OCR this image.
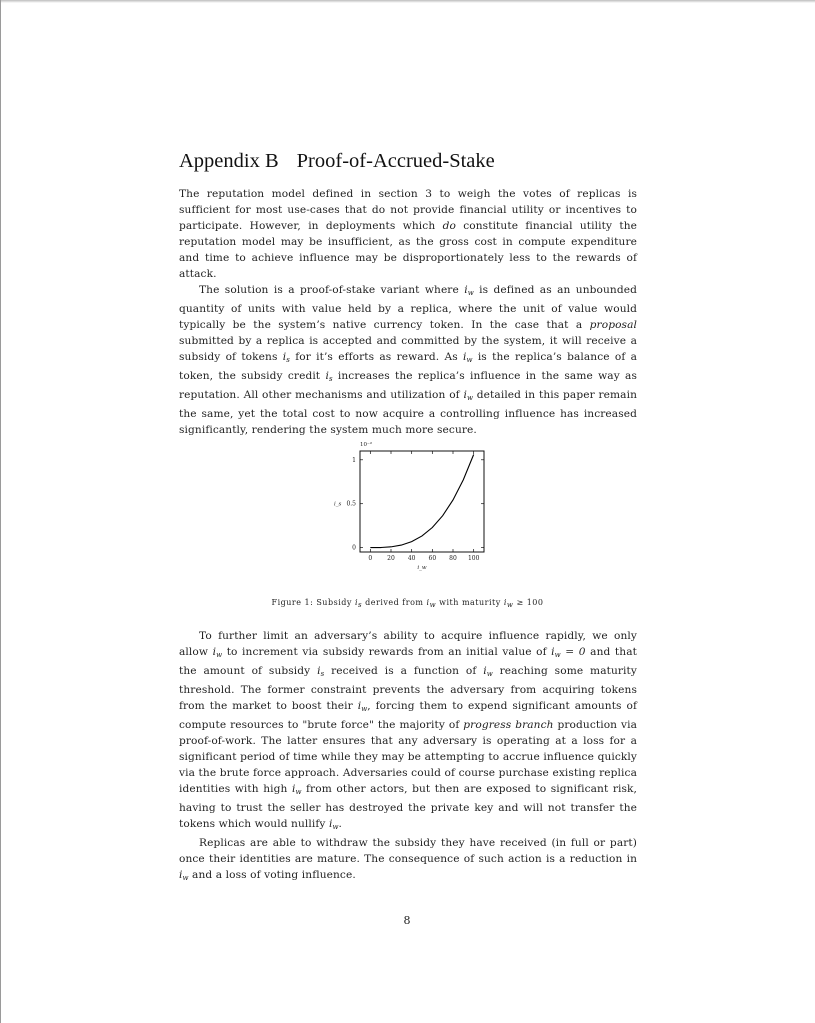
Appendix B Proof-of-Accrued-Stake

The reputation model defined in section 3 to weigh the votes of replicas is sufficient for most use-cases that do not provide financial utility or incentives to participate. However, in deployments which do constitute financial utility the reputation model may be insufficient, as the gross cost in compute expenditure and time to achieve influence may be disproportionately less to the rewards of attack.

The solution is a proof-of-stake variant where $i_w$ is defined as an unbounded quantity of units with value held by a replica, where the unit of value would typically be the system’s native currency token. In the case that a proposal submitted by a replica is accepted and committed by the system, it will receive a subsidy of tokens $i_s$ for it’s efforts as reward. As $i_w$ is the replica’s balance of a token, the subsidy credit $i_s$ increases the replica’s influence in the same way as reputation. All other mechanisms and utilization of $i_w$ detailed in this paper remain the same, yet the total cost to now acquire a controlling influence has increased significantly, rendering the system much more secure.

0 20 40 60 80 100
0
0.5
1
10⁻²
i_w
i_s
Figure 1: Subsidy $i_s$ derived from $i_w$ with maturity $i_w \ge 100$

To further limit an adversary’s ability to acquire influence rapidly, we only allow $i_w$ to increment via subsidy rewards from an initial value of $i_w = 0$ and that the amount of subsidy $i_s$ received is a function of $i_w$ reaching some maturity threshold. The former constraint prevents the adversary from acquiring tokens from the market to boost their $i_w$, forcing them to expend significant amounts of compute resources to "brute force" the majority of progress branch production via proof-of-work. The latter ensures that any adversary is operating at a loss for a significant period of time while they may be attempting to accrue influence quickly via the brute force approach. Adversaries could of course purchase existing replica identities with high $i_w$ from other actors, but then are exposed to significant risk, having to trust the seller has destroyed the private key and will not transfer the tokens which would nullify $i_w$.

Replicas are able to withdraw the subsidy they have received (in full or part) once their identities are mature. The consequence of such action is a reduction in $i_w$ and a loss of voting influence.

8
